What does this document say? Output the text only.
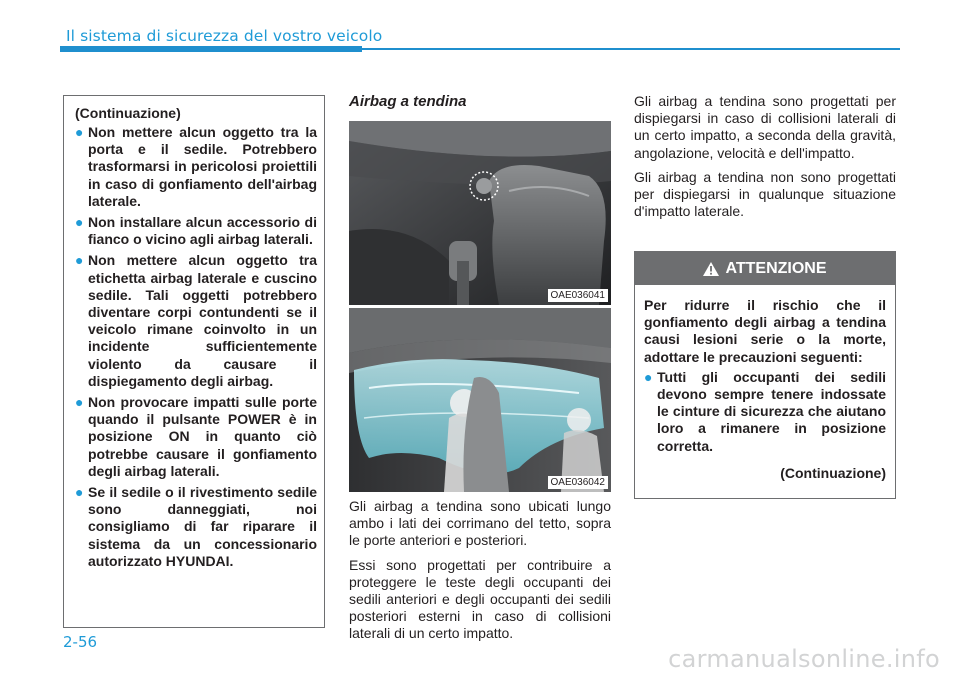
Il sistema di sicurezza del vostro veicolo
(Continuazione)
● Non mettere alcun oggetto tra la porta e il sedile. Potrebbero trasformarsi in pericolosi proiettili in caso di gonfiamento dell'airbag laterale.
● Non installare alcun accessorio di fianco o vicino agli airbag laterali.
● Non mettere alcun oggetto tra etichetta airbag laterale e cuscino sedile. Tali oggetti potrebbero diventare corpi contundenti se il veicolo rimane coinvolto in un incidente sufficientemente violento da causare il dispiegamento degli airbag.
● Non provocare impatti sulle porte quando il pulsante POWER è in posizione ON in quanto ciò potrebbe causare il gonfiamento degli airbag laterali.
● Se il sedile o il rivestimento sedile sono danneggiati, noi consigliamo di far riparare il sistema da un concessionario autorizzato HYUNDAI.
Airbag a tendina
OAE036041
OAE036042

Gli airbag a tendina sono ubicati lungo ambo i lati dei corrimano del tetto, sopra le porte anteriori e posteriori.

Essi sono progettati per contribuire a proteggere le teste degli occupanti dei sedili anteriori e degli occupanti dei sedili posteriori esterni in caso di collisioni laterali di un certo impatto.

Gli airbag a tendina sono progettati per dispiegarsi in caso di collisioni laterali di un certo impatto, a seconda della gravità, angolazione, velocità e dell'impatto.

Gli airbag a tendina non sono progettati per dispiegarsi in qualunque situazione d'impatto laterale.

ATTENZIONE

Per ridurre il rischio che il gonfiamento degli airbag a tendina causi lesioni serie o la morte, adottare le precauzioni seguenti:

● Tutti gli occupanti dei sedili devono sempre tenere indossate le cinture di sicurezza che aiutano loro a rimanere in posizione corretta.
(Continuazione)
2-56
carmanualsonline.info
